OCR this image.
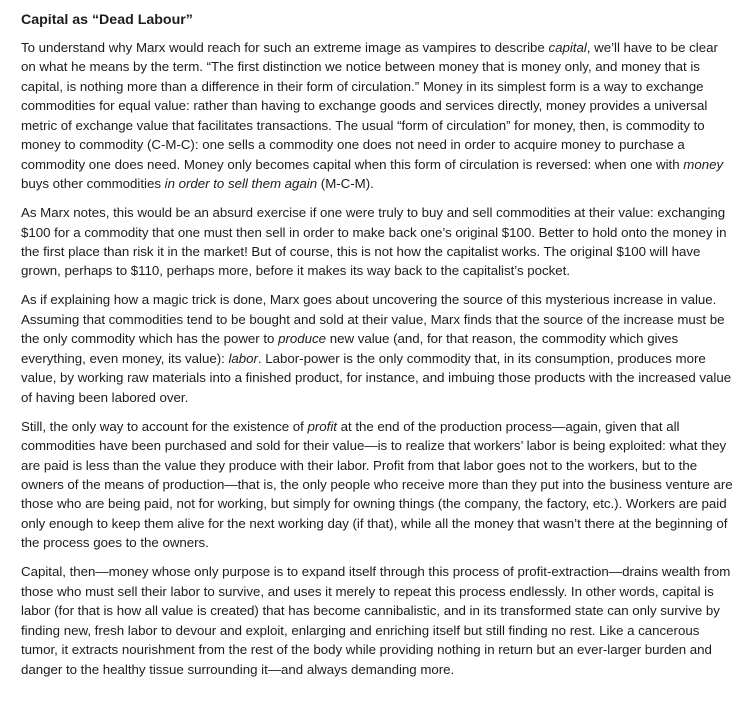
Capital as “Dead Labour”

To understand why Marx would reach for such an extreme image as vampires to describe capital, we’ll have to be clear on what he means by the term. “The first distinction we notice between money that is money only, and money that is capital, is nothing more than a difference in their form of circulation.” Money in its simplest form is a way to exchange commodities for equal value: rather than having to exchange goods and services directly, money provides a universal metric of exchange value that facilitates transactions. The usual “form of circulation” for money, then, is commodity to money to commodity (C-M-C): one sells a commodity one does not need in order to acquire money to purchase a commodity one does need. Money only becomes capital when this form of circulation is reversed: when one with money buys other commodities in order to sell them again (M-C-M).

As Marx notes, this would be an absurd exercise if one were truly to buy and sell commodities at their value: exchanging $100 for a commodity that one must then sell in order to make back one’s original $100. Better to hold onto the money in the first place than risk it in the market! But of course, this is not how the capitalist works. The original $100 will have grown, perhaps to $110, perhaps more, before it makes its way back to the capitalist’s pocket.

As if explaining how a magic trick is done, Marx goes about uncovering the source of this mysterious increase in value. Assuming that commodities tend to be bought and sold at their value, Marx finds that the source of the increase must be the only commodity which has the power to produce new value (and, for that reason, the commodity which gives everything, even money, its value): labor. Labor-power is the only commodity that, in its consumption, produces more value, by working raw materials into a finished product, for instance, and imbuing those products with the increased value of having been labored over.

Still, the only way to account for the existence of profit at the end of the production process—again, given that all commodities have been purchased and sold for their value—is to realize that workers’ labor is being exploited: what they are paid is less than the value they produce with their labor. Profit from that labor goes not to the workers, but to the owners of the means of production—that is, the only people who receive more than they put into the business venture are those who are being paid, not for working, but simply for owning things (the company, the factory, etc.). Workers are paid only enough to keep them alive for the next working day (if that), while all the money that wasn’t there at the beginning of the process goes to the owners.

Capital, then—money whose only purpose is to expand itself through this process of profit-extraction—drains wealth from those who must sell their labor to survive, and uses it merely to repeat this process endlessly. In other words, capital is labor (for that is how all value is created) that has become cannibalistic, and in its transformed state can only survive by finding new, fresh labor to devour and exploit, enlarging and enriching itself but still finding no rest. Like a cancerous tumor, it extracts nourishment from the rest of the body while providing nothing in return but an ever-larger burden and danger to the healthy tissue surrounding it—and always demanding more.
